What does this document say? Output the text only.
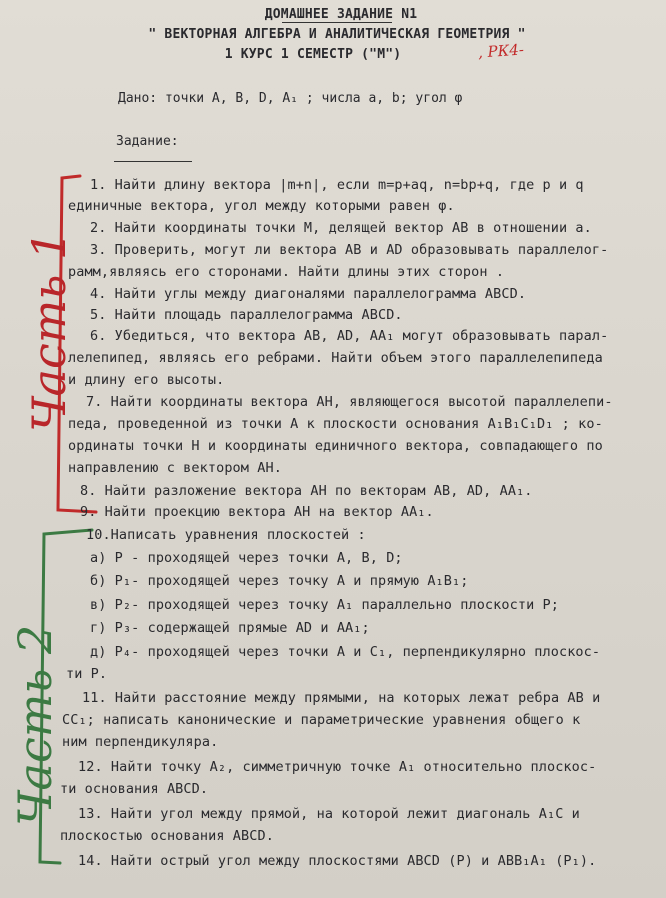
ДОМАШНЕЕ ЗАДАНИЕ N1
" ВЕКТОРНАЯ АЛГЕБРА И АНАЛИТИЧЕСКАЯ ГЕОМЕТРИЯ "
1 КУРС 1 СЕМЕСТР ("М")	, РК4-
Дано: точки A, B, D, A₁ ; числа a, b; угол φ
Задание:
Часть 1
Часть 2
1. Найти длину вектора |m+n|, если m=p+aq, n=bp+q, где p и q
единичные вектора, угол между которыми равен φ.
2. Найти координаты точки M, делящей вектор AB в отношении a.
3. Проверить, могут ли вектора AB и AD образовывать параллелог-
рамм,являясь его сторонами. Найти длины этих сторон .
4. Найти углы между диагоналями параллелограмма ABCD.
5. Найти площадь параллелограмма ABCD.
6. Убедиться, что вектора AB, AD, AA₁ могут образовывать парал-
лелепипед, являясь его ребрами. Найти объем этого параллелепипеда
и длину его высоты.
7. Найти координаты вектора AH, являющегося высотой параллелепи-
педа, проведенной из точки A к плоскости основания A₁B₁C₁D₁ ; ко-
ординаты точки H и координаты единичного вектора, совпадающего по
направлению с вектором AH.
8. Найти разложение вектора AH по векторам AB, AD, AA₁.
9. Найти проекцию вектора AH на вектор AA₁.
10.Написать уравнения плоскостей :
а) P - проходящей через точки A, B, D;
б) P₁- проходящей через точку A и прямую A₁B₁;
в) P₂- проходящей через точку A₁ параллельно плоскости P;
г) P₃- содержащей прямые AD и AA₁;
д) P₄- проходящей через точки A и C₁, перпендикулярно плоскос-
ти P.
11. Найти расстояние между прямыми, на которых лежат ребра AB и
CC₁; написать канонические и параметрические уравнения общего к
ним перпендикуляра.
12. Найти точку A₂, симметричную точке A₁ относительно плоскос-
ти основания ABCD.
13. Найти угол между прямой, на которой лежит диагональ A₁C и
плоскостью основания ABCD.
14. Найти острый угол между плоскостями ABCD (P) и ABB₁A₁ (P₁).
